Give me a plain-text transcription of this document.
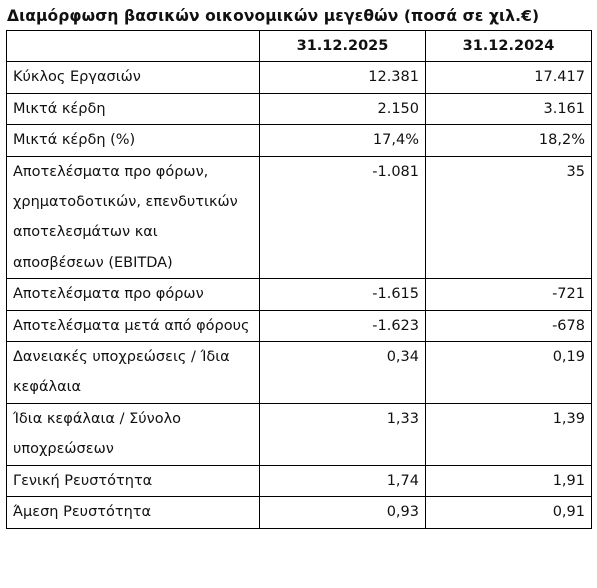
Διαμόρφωση βασικών οικονομικών μεγεθών (ποσά σε χιλ.€)
	31.12.2025	31.12.2024
Κύκλος Εργασιών	12.381	17.417
Μικτά κέρδη	2.150	3.161
Μικτά κέρδη (%)	17,4%	18,2%
Αποτελέσματα προ φόρων, χρηματοδοτικών, επενδυτικών αποτελεσμάτων και αποσβέσεων (EBITDA)	-1.081	35
Αποτελέσματα προ φόρων	-1.615	-721
Αποτελέσματα μετά από φόρους	-1.623	-678
Δανειακές υποχρεώσεις / Ίδια κεφάλαια	0,34	0,19
Ίδια κεφάλαια / Σύνολο υποχρεώσεων	1,33	1,39
Γενική Ρευστότητα	1,74	1,91
Άμεση Ρευστότητα	0,93	0,91
